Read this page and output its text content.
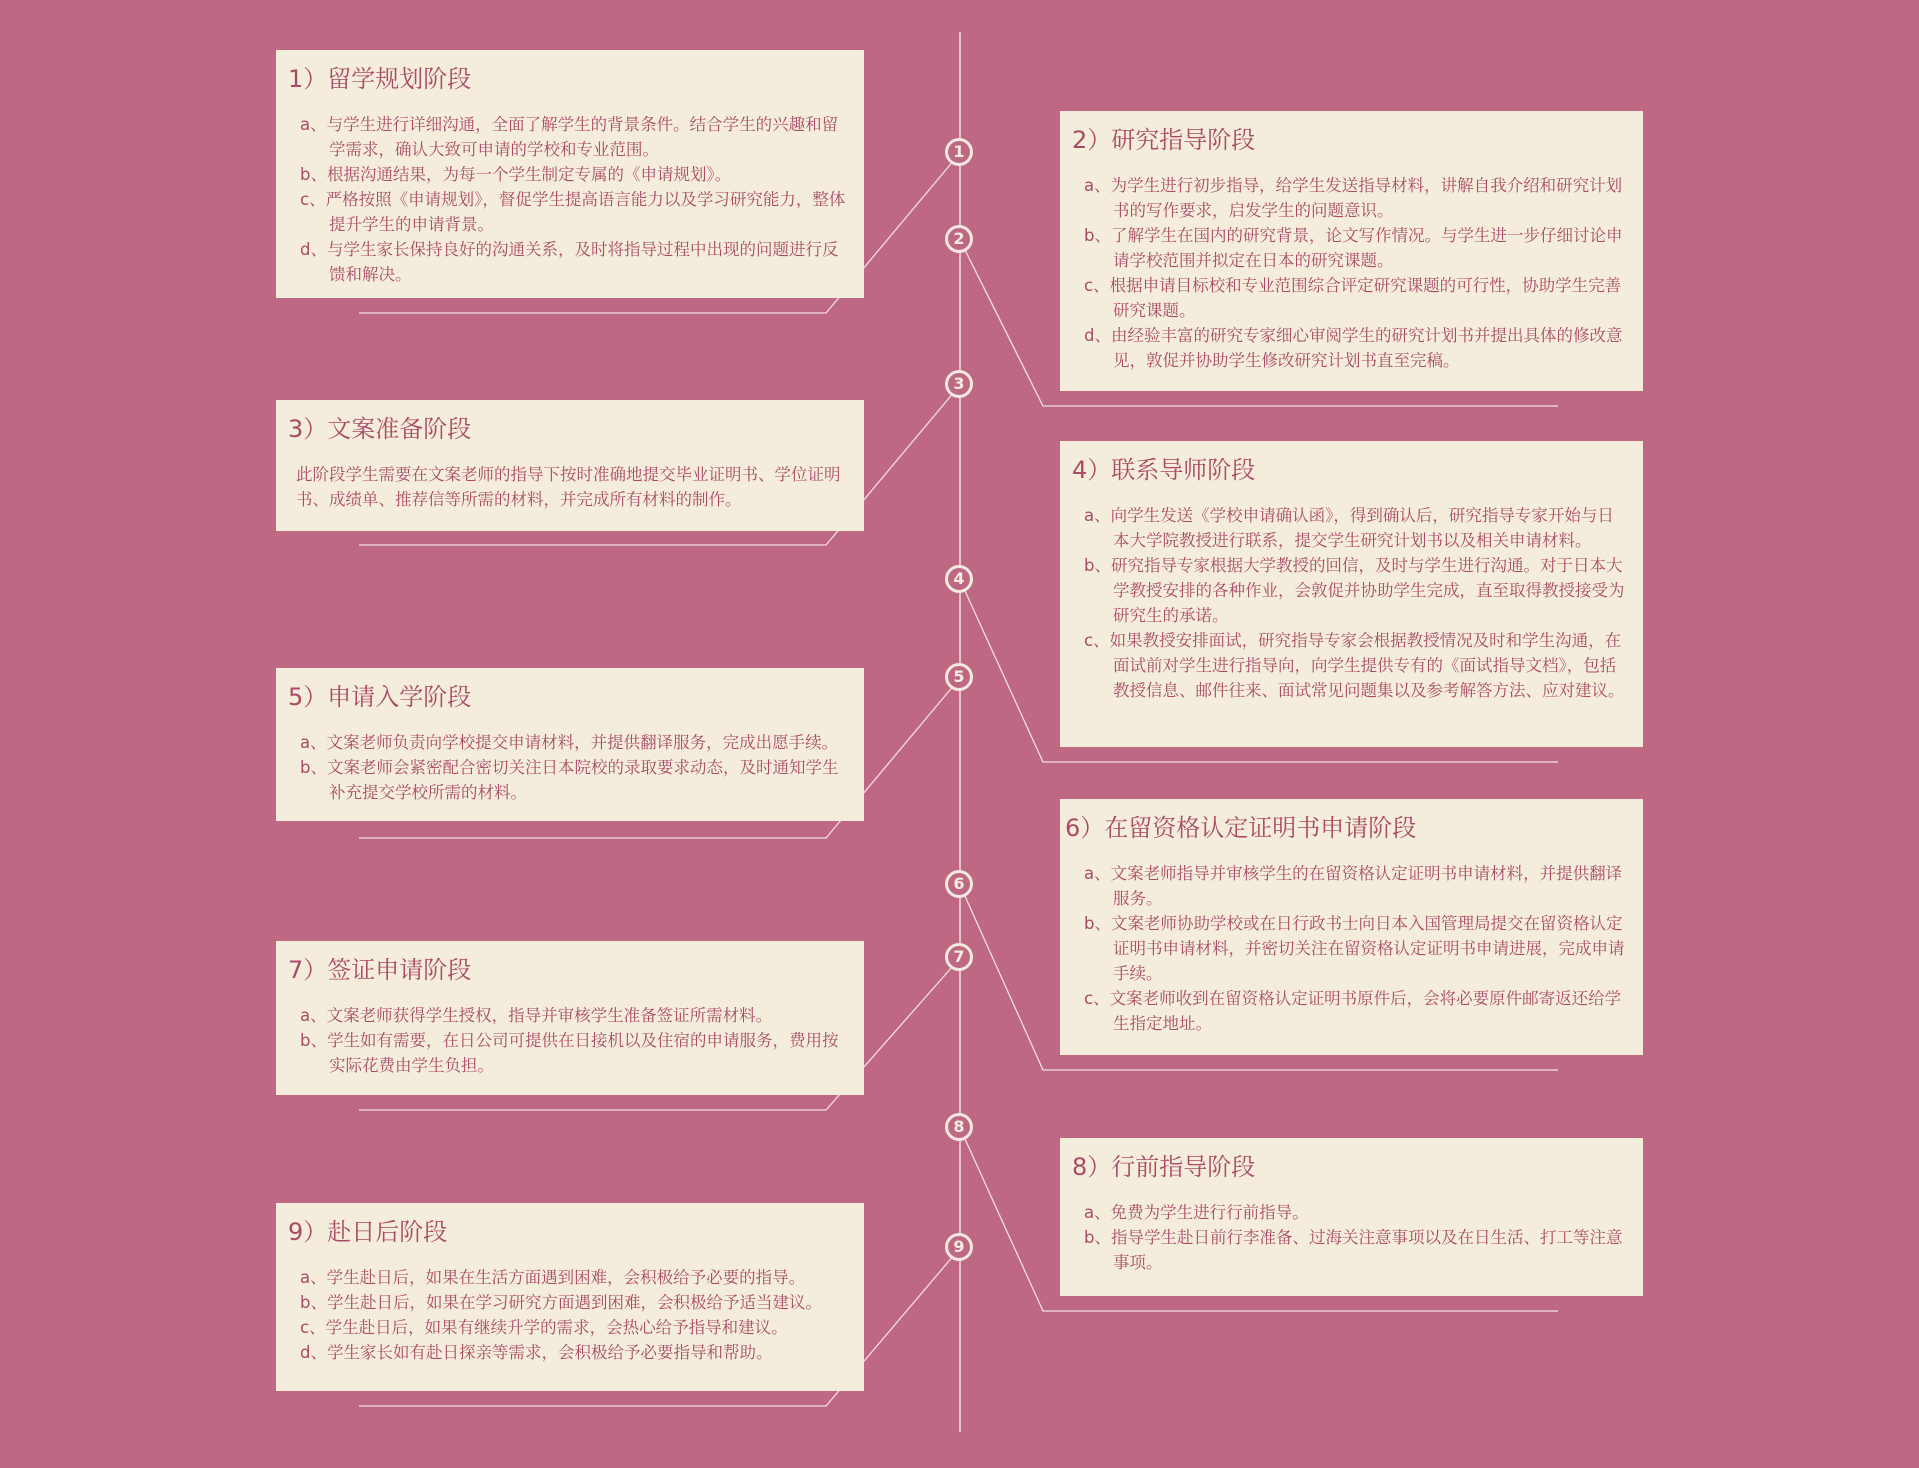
1）留学规划阶段
a、与学生进行详细沟通，全面了解学生的背景条件。结合学生的兴趣和留学需求，确认大致可申请的学校和专业范围。
b、根据沟通结果，为每一个学生制定专属的《申请规划》。
c、严格按照《申请规划》，督促学生提高语言能力以及学习研究能力，整体提升学生的申请背景。
d、与学生家长保持良好的沟通关系，及时将指导过程中出现的问题进行反馈和解决。
2）研究指导阶段
a、为学生进行初步指导，给学生发送指导材料，讲解自我介绍和研究计划书的写作要求，启发学生的问题意识。
b、了解学生在国内的研究背景，论文写作情况。与学生进一步仔细讨论申请学校范围并拟定在日本的研究课题。
c、根据申请目标校和专业范围综合评定研究课题的可行性，协助学生完善研究课题。
d、由经验丰富的研究专家细心审阅学生的研究计划书并提出具体的修改意见，敦促并协助学生修改研究计划书直至完稿。
3）文案准备阶段

此阶段学生需要在文案老师的指导下按时准确地提交毕业证明书、学位证明书、成绩单、推荐信等所需的材料，并完成所有材料的制作。

4）联系导师阶段
a、向学生发送《学校申请确认函》，得到确认后，研究指导专家开始与日本大学院教授进行联系，提交学生研究计划书以及相关申请材料。
b、研究指导专家根据大学教授的回信，及时与学生进行沟通。对于日本大学教授安排的各种作业，会敦促并协助学生完成，直至取得教授接受为研究生的承诺。
c、如果教授安排面试，研究指导专家会根据教授情况及时和学生沟通，在面试前对学生进行指导向，向学生提供专有的《面试指导文档》，包括教授信息、邮件往来、面试常见问题集以及参考解答方法、应对建议。
5）申请入学阶段
a、文案老师负责向学校提交申请材料，并提供翻译服务，完成出愿手续。
b、文案老师会紧密配合密切关注日本院校的录取要求动态，及时通知学生补充提交学校所需的材料。
6）在留资格认定证明书申请阶段
a、文案老师指导并审核学生的在留资格认定证明书申请材料，并提供翻译服务。
b、文案老师协助学校或在日行政书士向日本入国管理局提交在留资格认定证明书申请材料，并密切关注在留资格认定证明书申请进展，完成申请手续。
c、文案老师收到在留资格认定证明书原件后，会将必要原件邮寄返还给学生指定地址。
7）签证申请阶段
a、文案老师获得学生授权，指导并审核学生准备签证所需材料。
b、学生如有需要，在日公司可提供在日接机以及住宿的申请服务，费用按实际花费由学生负担。
8）行前指导阶段
a、免费为学生进行行前指导。
b、指导学生赴日前行李准备、过海关注意事项以及在日生活、打工等注意事项。
9）赴日后阶段
a、学生赴日后，如果在生活方面遇到困难，会积极给予必要的指导。
b、学生赴日后，如果在学习研究方面遇到困难，会积极给予适当建议。
c、学生赴日后，如果有继续升学的需求，会热心给予指导和建议。
d、学生家长如有赴日探亲等需求，会积极给予必要指导和帮助。
1
2
3
4
5
6
7
8
9
